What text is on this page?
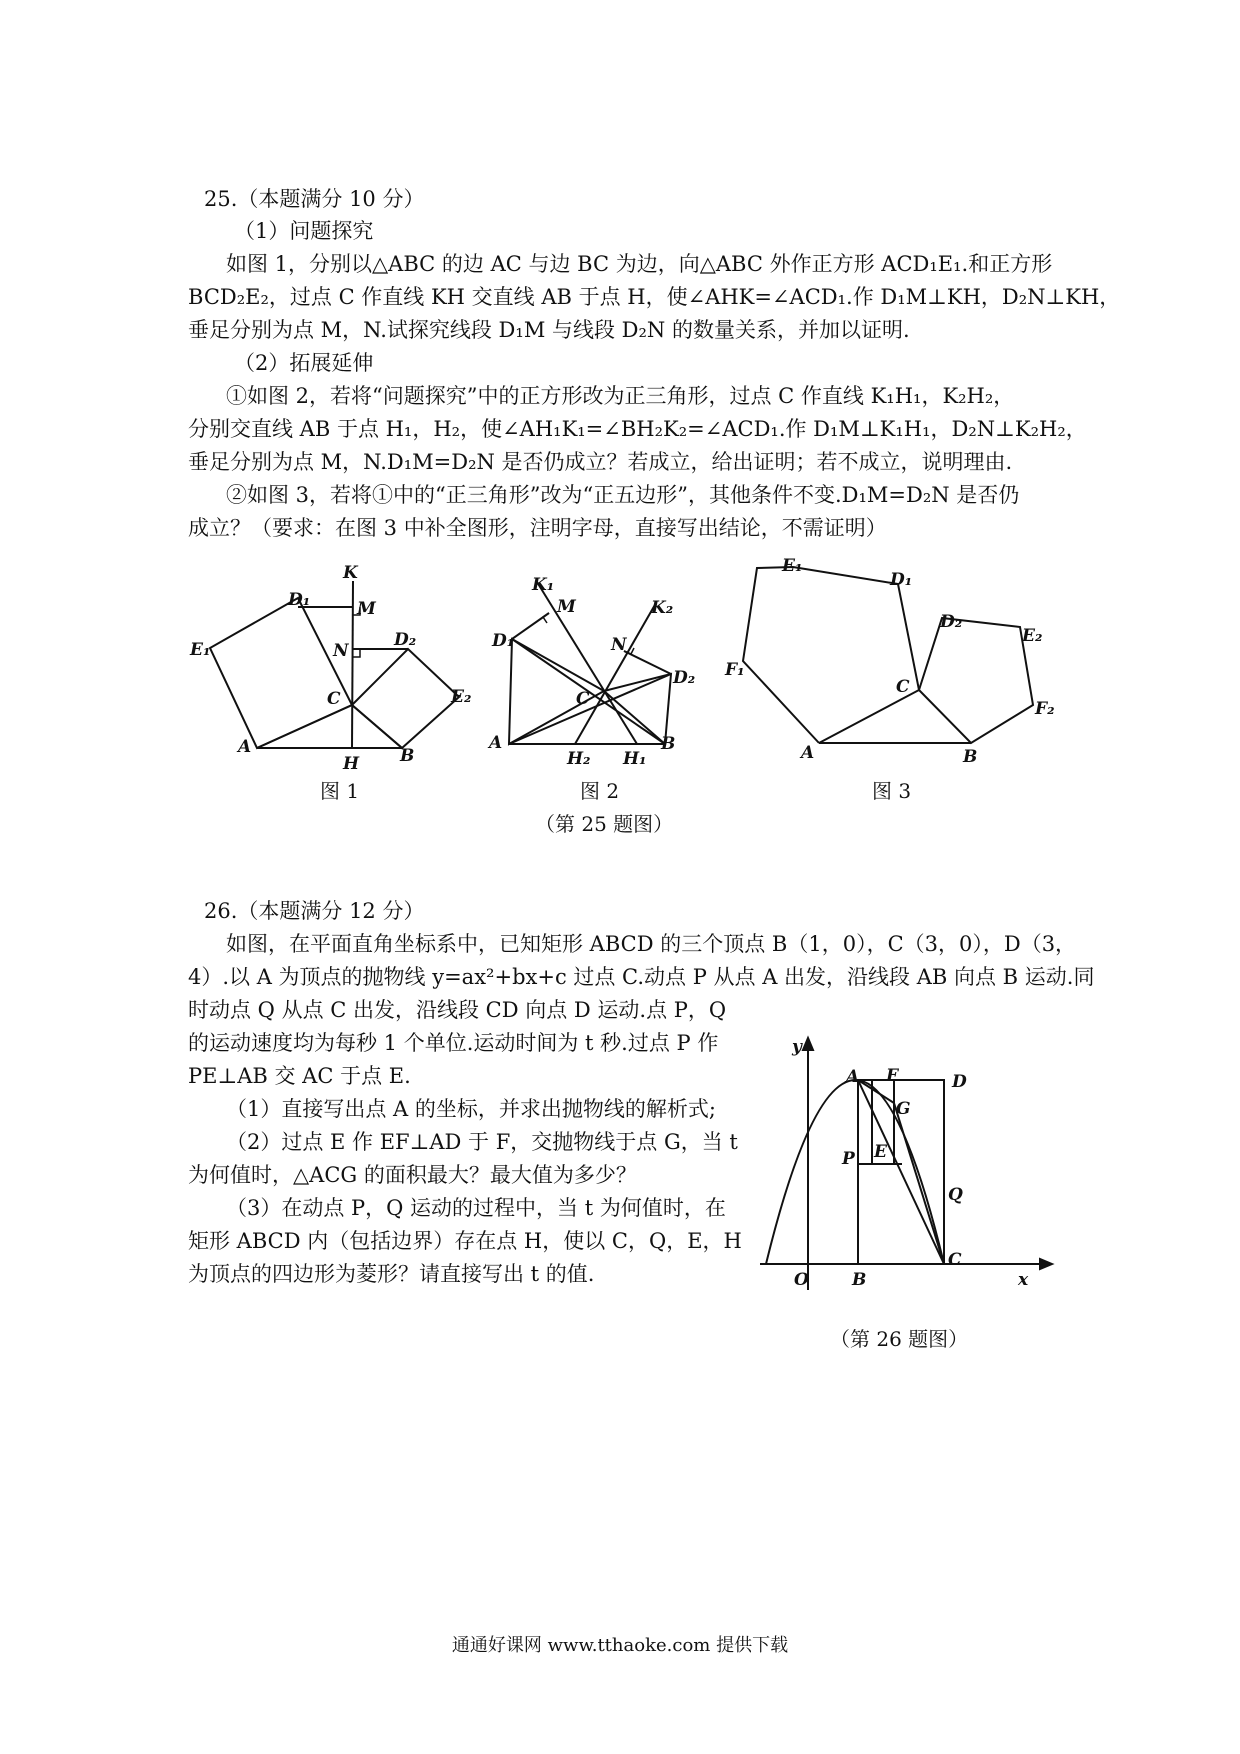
25.（本题满分 10 分）
（1）问题探究
如图 1，分别以△ABC 的边 AC 与边 BC 为边，向△ABC 外作正方形 ACD₁E₁.和正方形
BCD₂E₂，过点 C 作直线 KH 交直线 AB 于点 H，使∠AHK=∠ACD₁.作 D₁M⊥KH，D₂N⊥KH，
垂足分别为点 M，N.试探究线段 D₁M 与线段 D₂N 的数量关系，并加以证明.
（2）拓展延伸
①如图 2，若将“问题探究”中的正方形改为正三角形，过点 C 作直线 K₁H₁，K₂H₂，
分别交直线 AB 于点 H₁，H₂，使∠AH₁K₁=∠BH₂K₂=∠ACD₁.作 D₁M⊥K₁H₁，D₂N⊥K₂H₂，
垂足分别为点 M，N.D₁M=D₂N 是否仍成立？若成立，给出证明；若不成立，说明理由.
②如图 3，若将①中的“正三角形”改为“正五边形”，其他条件不变.D₁M=D₂N 是否仍
成立？（要求：在图 3 中补全图形，注明字母，直接写出结论，不需证明）
K
D₁	M
N
D₂
E₁
C	E₂
A
H B
K₁
M	K₂
D₁	N
D₂
C
A
H₂ H₁
B
E₁
D₁
D₂
E₂
F₁
C
F₂
A	B
图 1	图 2	图 3
（第 25 题图）
26.（本题满分 12 分）
如图，在平面直角坐标系中，已知矩形 ABCD 的三个顶点 B（1，0），C（3，0），D（3，
4）.以 A 为顶点的抛物线 y=ax²+bx+c 过点 C.动点 P 从点 A 出发，沿线段 AB 向点 B 运动.同
时动点 Q 从点 C 出发，沿线段 CD 向点 D 运动.点 P，Q
的运动速度均为每秒 1 个单位.运动时间为 t 秒.过点 P 作
PE⊥AB 交 AC 于点 E.
（1）直接写出点 A 的坐标，并求出抛物线的解析式;
（2）过点 E 作 EF⊥AD 于 F，交抛物线于点 G，当 t
为何值时，△ACG 的面积最大？最大值为多少？
（3）在动点 P，Q 运动的过程中，当 t 为何值时，在
矩形 ABCD 内（包括边界）存在点 H，使以 C，Q，E，H
为顶点的四边形为菱形？请直接写出 t 的值.
y
A F	D
G
P E
Q
O	B
C
x
（第 26 题图）
通通好课网 www.tthaoke.com 提供下载
